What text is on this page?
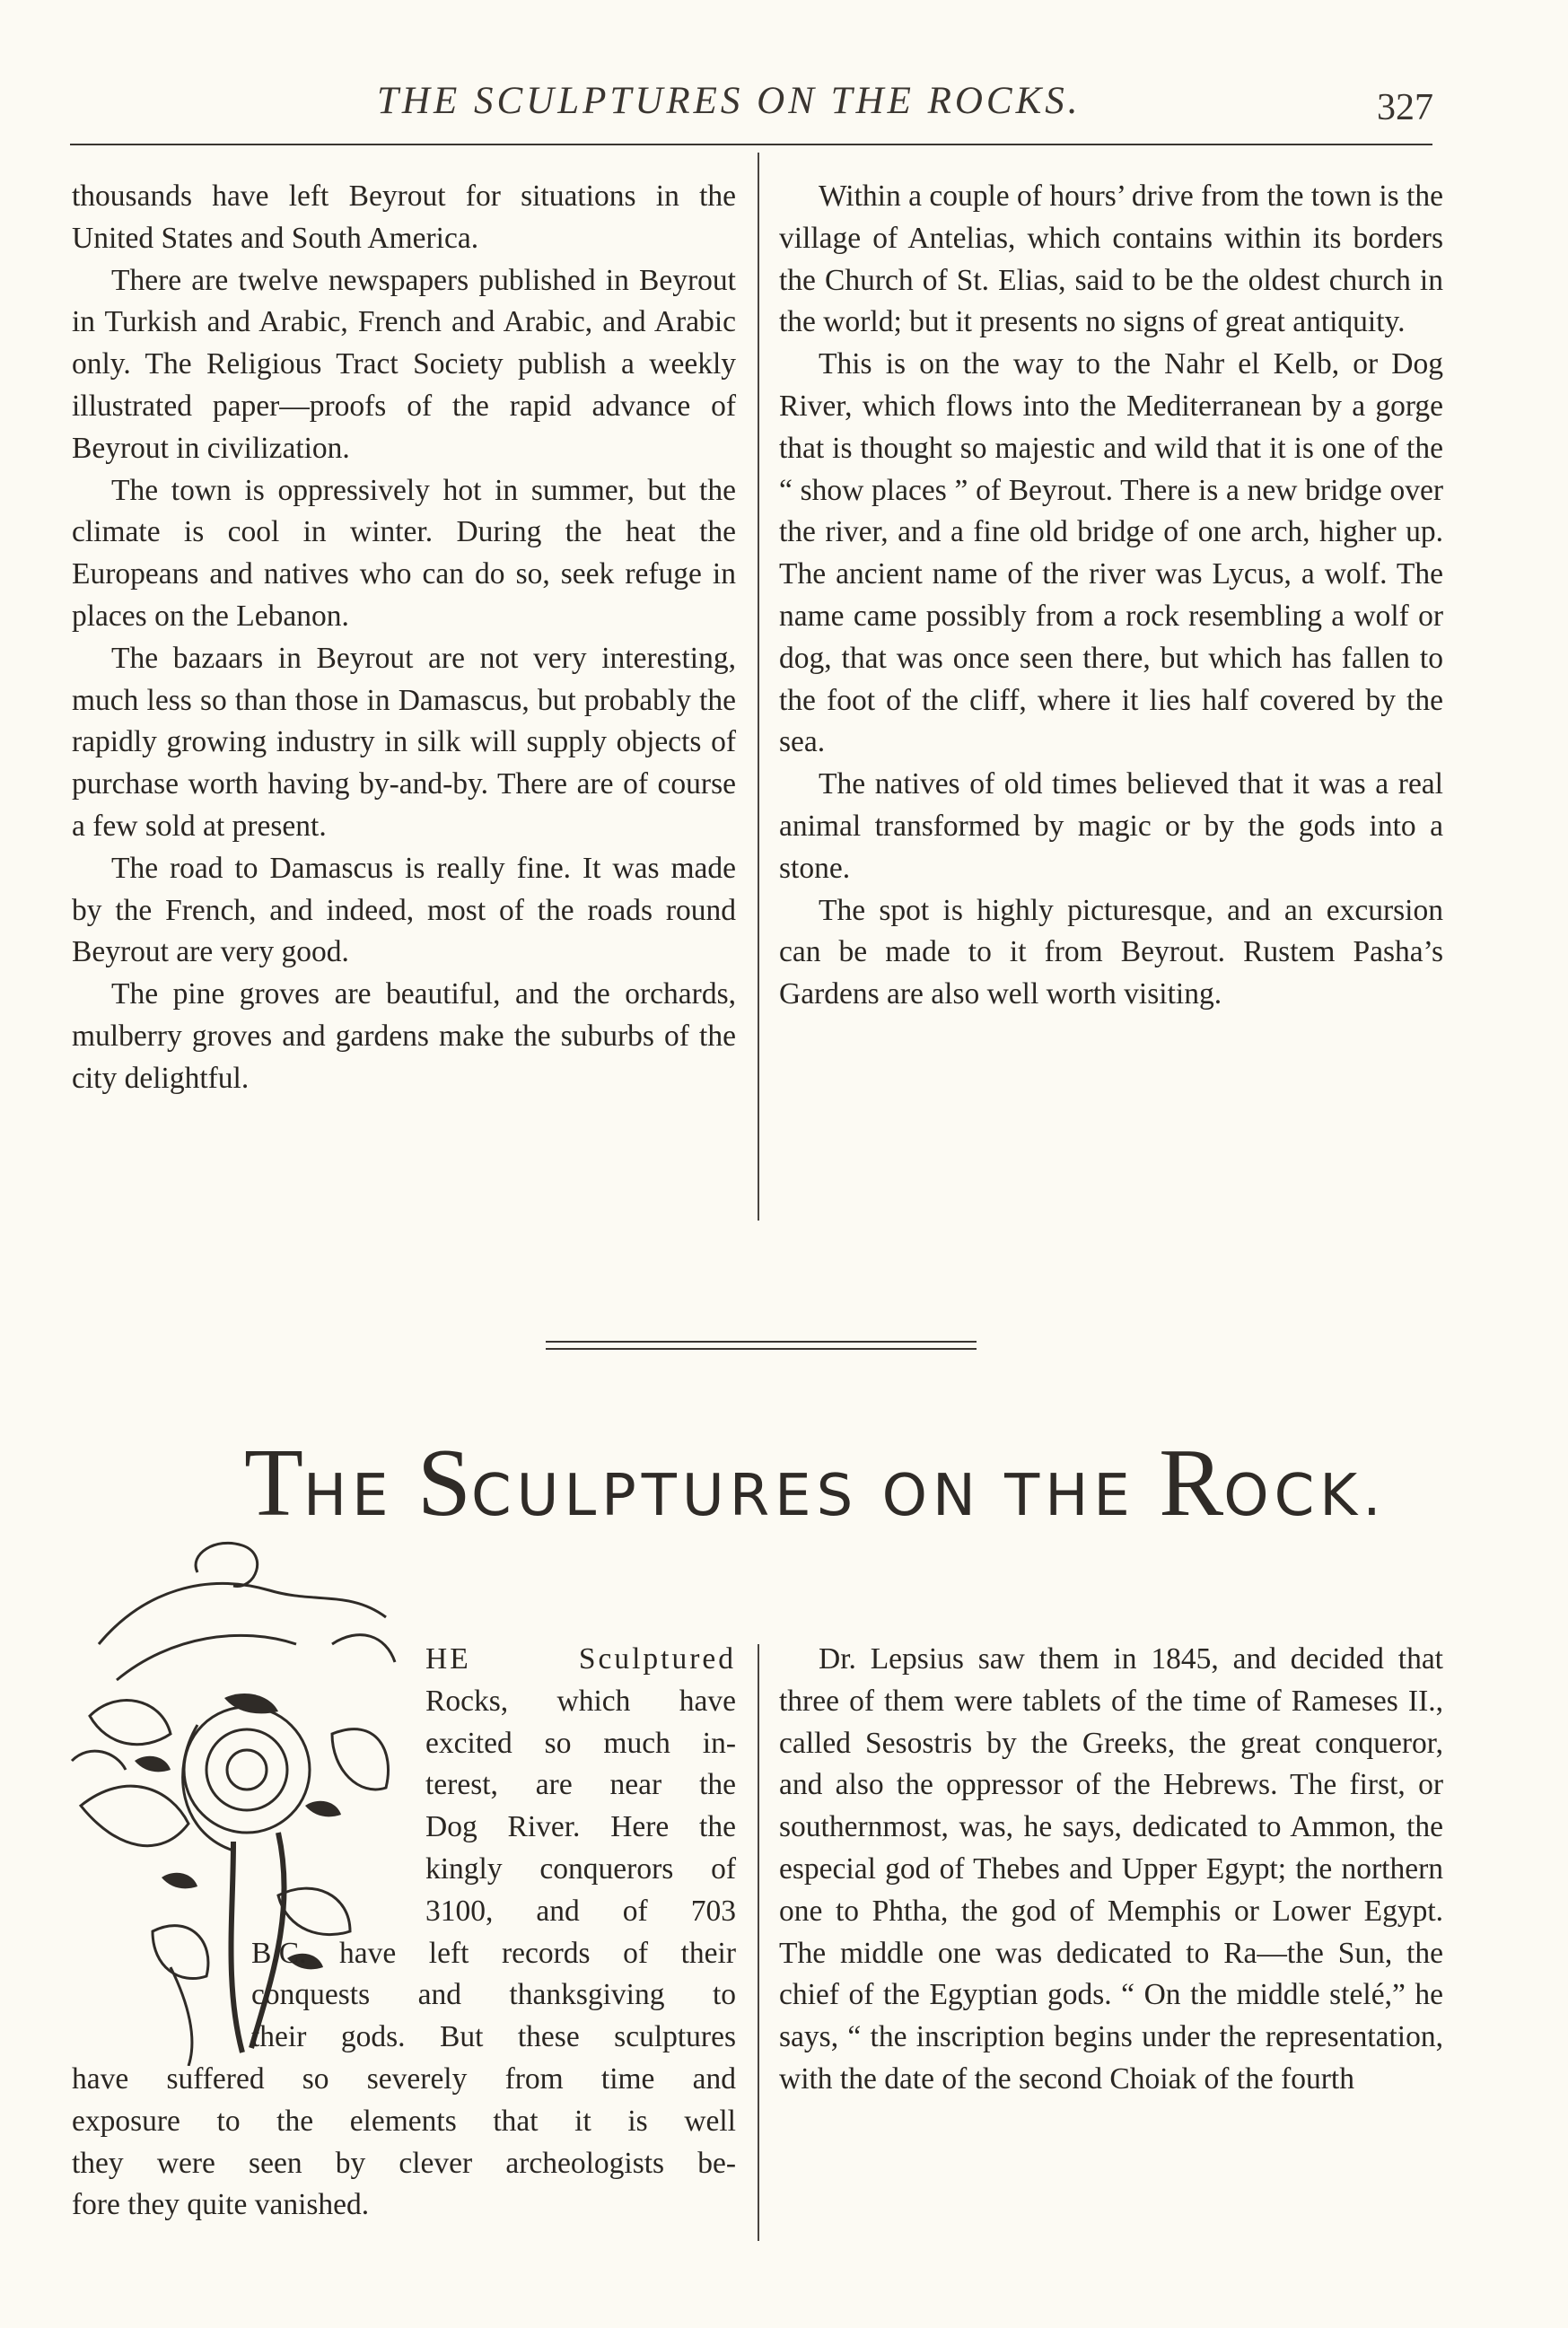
THE SCULPTURES ON THE ROCKS.	327

thousands have left Beyrout for situations in the United States and South America.

There are twelve newspapers published in Beyrout in Turkish and Arabic, French and Arabic, and Arabic only. The Religious Tract Society publish a weekly illustrated paper—proofs of the rapid advance of Beyrout in civilization.

The town is oppressively hot in summer, but the climate is cool in winter. During the heat the Europeans and natives who can do so, seek refuge in places on the Lebanon.

The bazaars in Beyrout are not very interesting, much less so than those in Damascus, but probably the rapidly growing industry in silk will supply objects of purchase worth having by-and-by. There are of course a few sold at present.

The road to Damascus is really fine. It was made by the French, and indeed, most of the roads round Beyrout are very good.

The pine groves are beautiful, and the orchards, mulberry groves and gardens make the suburbs of the city delightful.

Within a couple of hours’ drive from the town is the village of Antelias, which contains within its borders the Church of St. Elias, said to be the oldest church in the world; but it presents no signs of great antiquity.

This is on the way to the Nahr el Kelb, or Dog River, which flows into the Mediterranean by a gorge that is thought so majestic and wild that it is one of the “ show places ” of Beyrout. There is a new bridge over the river, and a fine old bridge of one arch, higher up. The ancient name of the river was Lycus, a wolf. The name came possibly from a rock resembling a wolf or dog, that was once seen there, but which has fallen to the foot of the cliff, where it lies half covered by the sea.

The natives of old times believed that it was a real animal transformed by magic or by the gods into a stone.

The spot is highly picturesque, and an excursion can be made to it from Beyrout. Rustem Pasha’s Gardens are also well worth visiting.

THE SCULPTURES ON THE ROCK.
HE Sculptured
Rocks, which have
excited so much in-
terest, are near the
Dog River. Here the
kingly conquerors of
3100, and of 703
B.C. have left records of their
conquests and thanksgiving to
their gods. But these sculptures
have suffered so severely from time and
exposure to the elements that it is well
they were seen by clever archeologists be-
fore they quite vanished.

Dr. Lepsius saw them in 1845, and decided that three of them were tablets of the time of Rameses II., called Sesostris by the Greeks, the great conqueror, and also the oppressor of the Hebrews. The first, or southernmost, was, he says, dedicated to Ammon, the especial god of Thebes and Upper Egypt; the northern one to Phtha, the god of Memphis or Lower Egypt. The middle one was dedicated to Ra—the Sun, the chief of the Egyptian gods. “ On the middle stelé,” he says, “ the inscription begins under the representation, with the date of the second Choiak of the fourth
